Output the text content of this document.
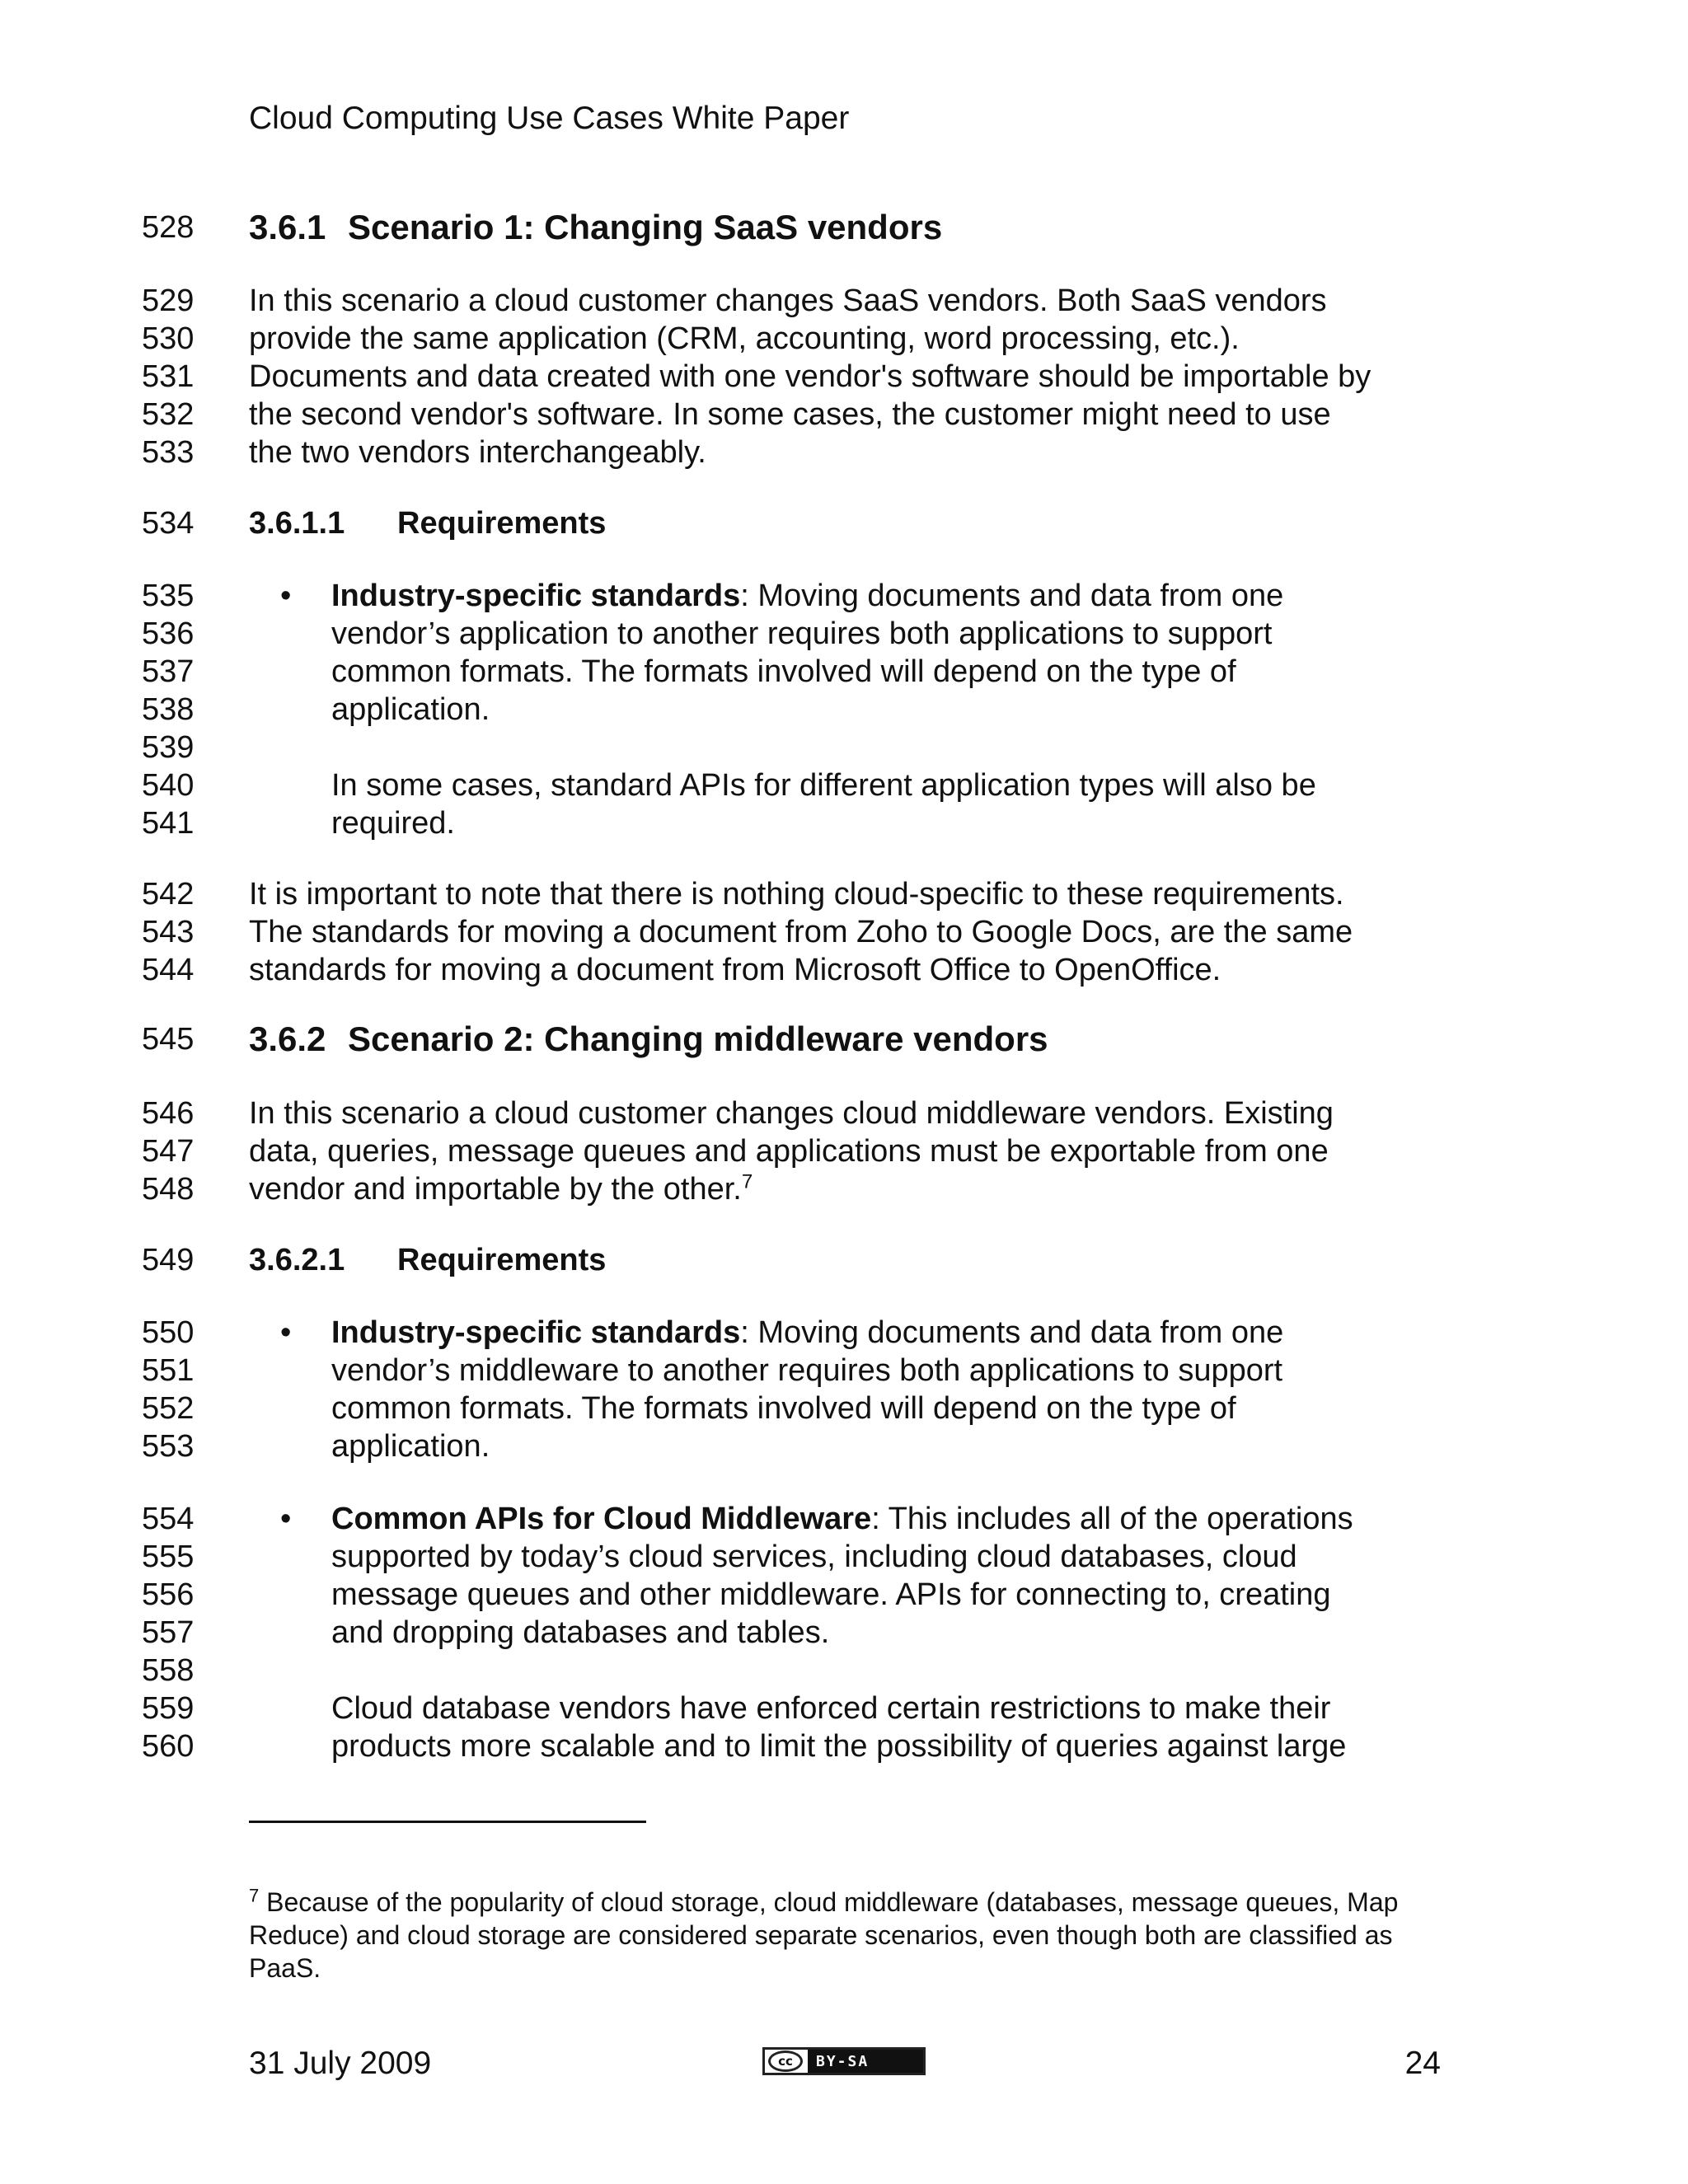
Cloud Computing Use Cases White Paper
528	3.6.1 Scenario 1: Changing SaaS vendors
529	In this scenario a cloud customer changes SaaS vendors. Both SaaS vendors
530	provide the same application (CRM, accounting, word processing, etc.).
531	Documents and data created with one vendor's software should be importable by
532	the second vendor's software. In some cases, the customer might need to use
533	the two vendors interchangeably.
534	3.6.1.1 Requirements
535	• Industry-specific standards: Moving documents and data from one
536	vendor’s application to another requires both applications to support
537	common formats. The formats involved will depend on the type of
538	application.
539
540	In some cases, standard APIs for different application types will also be
541	required.
542	It is important to note that there is nothing cloud-specific to these requirements.
543	The standards for moving a document from Zoho to Google Docs, are the same
544	standards for moving a document from Microsoft Office to OpenOffice.
545	3.6.2 Scenario 2: Changing middleware vendors
546	In this scenario a cloud customer changes cloud middleware vendors. Existing
547	data, queries, message queues and applications must be exportable from one
548	vendor and importable by the other.$^7$
549	3.6.2.1 Requirements
550	• Industry-specific standards: Moving documents and data from one
551	vendor’s middleware to another requires both applications to support
552	common formats. The formats involved will depend on the type of
553	application.
554	• Common APIs for Cloud Middleware: This includes all of the operations
555	supported by today’s cloud services, including cloud databases, cloud
556	message queues and other middleware. APIs for connecting to, creating
557	and dropping databases and tables.
558
559	Cloud database vendors have enforced certain restrictions to make their
560	products more scalable and to limit the possibility of queries against large
$^7$ Because of the popularity of cloud storage, cloud middleware (databases, message queues, Map Reduce) and cloud storage are considered separate scenarios, even though both are classified as PaaS.
31 July 2009	cc	BY-SA	24
